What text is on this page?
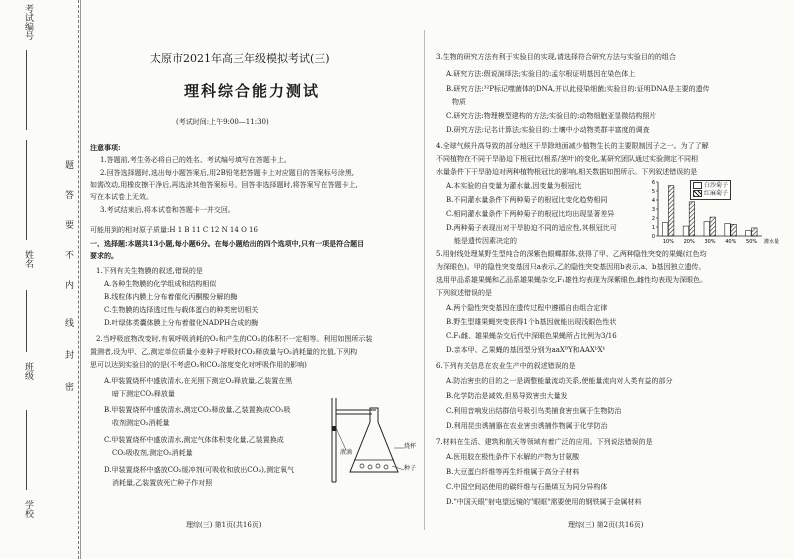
考试编号
姓名
班级
学校
题
答
要
不
内
线
封
密
太原市2021年高三年级模拟考试(三)
理科综合能力测试
(考试时间:上午9:00—11:30)
注意事项:
1.答题前,考生务必将自己的姓名、考试编号填写在答题卡上。
2.回答选择题时,选出每小题答案后,用2B铅笔把答题卡上对应题目的答案标号涂黑,
如需改动,用橡皮擦干净后,再选涂其他答案标号。回答非选择题时,将答案写在答题卡上,
写在本试卷上无效。
3.考试结束后,将本试卷和答题卡一并交回。
可能用到的相对原子质量:H 1 B 11 C 12 N 14 O 16
一、选择题:本题共13小题,每小题6分。在每小题给出的四个选项中,只有一项是符合题目
要求的。
1.下列有关生物膜的叙述,错误的是
A.各种生物膜的化学组成和结构相似
B.线粒体内膜上分布着催化丙酮酸分解的酶
C.生物膜的选择透过性与载体蛋白的种类密切相关
D.叶绿体类囊体膜上分布着催化NADPH合成的酶
2.当呼吸底物改变时,有氧呼吸消耗的O₂和产生的CO₂的体积不一定相等。利用如图所示装
置测者,设为甲、乙,测定单位质量小麦种子呼吸时CO₂释放量与O₂消耗量的比值,下列构
思可以达到实验目的的是(不考虑O₂和CO₂溶度变化对呼吸作用的影响)
A.甲装置烧杯中盛放清水,在光照下测定O₂释放量,乙装置在黑
暗下测定CO₂释放量
B.甲装置烧杯中盛放清水,测定CO₂释放量,乙装置换成CO₂吸
收剂测定O₂消耗量
C.甲装置烧杯中盛放清水,测定气体体积变化量,乙装置换成
CO₂吸收剂,测定O₂消耗量
D.甲装置烧杯中盛放CO₂缓冲剂(可吸收和放出CO₂),测定氧气
消耗量,乙装置放死亡种子作对照
液滴
烧杯
种子
理综(三) 第1页(共16页)
3.生物的研究方法有利于实验目的实现,请选择符合研究方法与实验目的的组合
A.研究方法:假说演绎法;实验目的:孟尔根证明基因在染色体上
B.研究方法:³²P标记噬菌体的DNA,并以此侵染细菌;实验目的:证明DNA是主要的遗传
物质
C.研究方法:物理模型建构的方法;实验目的:动物细胞亚显微结构照片
D.研究方法:记名计算法;实验目的:土壤中小动物类群丰富度的调查
4.全球气候升高导致的部分地区干旱除地面减少植物生长的主要限制因子之一。为了了解
不同植物在不同干旱胁迫下根冠比(根系/茎叶)的变化,某研究团队通过实验测定不同相
水量条件下干旱胁迫对两种植物根冠比的影响,相关数据如图所示。下列叙述错误的是
A.本实验的自变量为灌水量,因变量为根冠比
B.不同灌水量条件下两种菊子的根冠比变化趋势相同
C.相同灌水量条件下两种菊子的根冠比均出现显著差异
D.两种菊子表现出对干旱胁迫不同的适应性,其根冠比可
能是遗传因素决定的	0
1
2
3
4
5
6
10% 20% 30% 40% 50% 灌水量
白沙菊子
红麻菊子
5.用射线处理某野生型纯合的深紫色眼蝶群体,获得了甲、乙两种隐性突变的果蝇(红色均
为深眼色)。甲的隐性突变基因只a表示,乙的隐性突变基因用b表示,a、b基因独立遗传。
选用甲品系雄果蝇和乙品系雄果蝇杂交,F₁雄性均表现为深紫眼色,雌性均表现为深眼色。
下列叙述错误的是
A.两个隐性突变基因在遗传过程中遵循自由组合定律
B.野生型雄果蝇突变获得1个h基因就能出现浅眼色性状
C.F₁雌、雄果蝇杂交后代中深眼色果蝇所占比例为3/16
D.亲本甲、乙果蝇的基因型分别为aaXᴮY和AAXᵇXᵇ
6.下列有关信息在农业生产中的叙述错误的是
A.防治害虫的目的之一是调整能量流动关系,使能量流向对人类有益的部分
B.化学防治是减效,但易导致害虫大量发
C.利用音响发出结群信号吸引鸟类捕食害虫属于生物防治
D.利用昆虫诱捕器在农业害虫诱捕作物属于化学防治
7.材料在生活、建筑和航天等领域有着广泛的应用。下列说法错误的是
A.医用胶在极性条件下水解的产物为甘氨酸
B.大豆蛋白纤维等再生纤维属于高分子材料
C.中国空间站使用的碳纤维与石墨烯互为同分异构体
D."中国天眼"射电望远镜的"眼眶"需要使用的钢铁属于金属材料
理综(三) 第2页(共16页)
